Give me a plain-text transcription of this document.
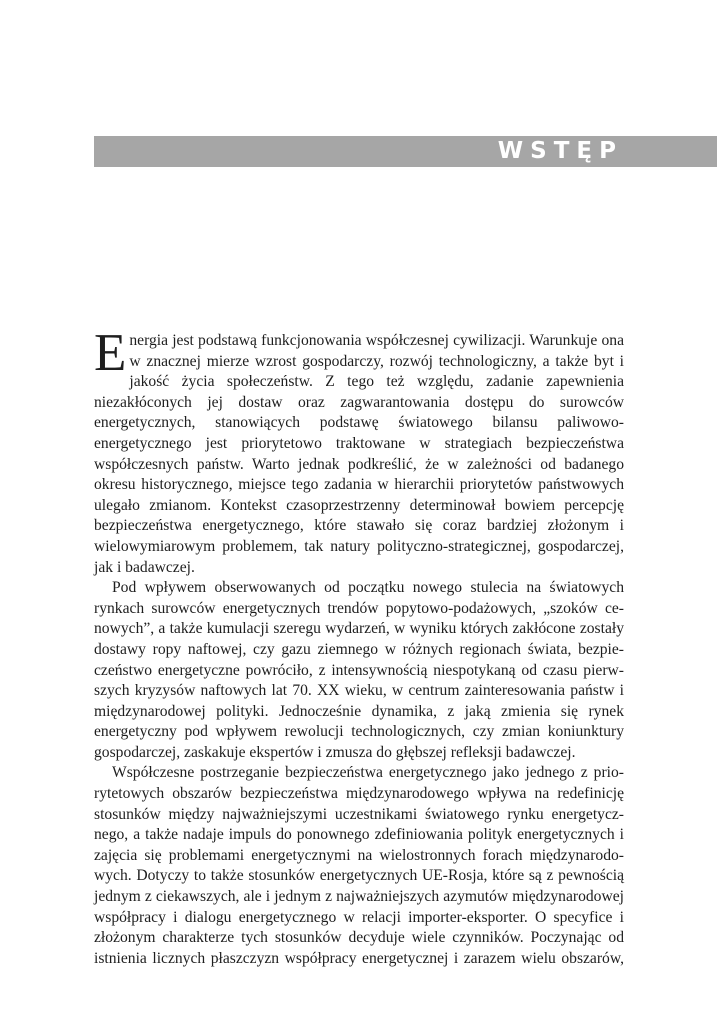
WSTĘP

Energia jest podstawą funkcjonowania współczesnej cywilizacji. Warunkuje ona w znacznej mierze wzrost gospodarczy, rozwój technologiczny, a także byt i jakość życia społeczeństw. Z tego też względu, zadanie zapewnienia niezakłóconych jej dostaw oraz zagwarantowania dostępu do surowców energetycznych, stanowiących podstawę światowego bilansu paliwowo-energetycznego jest priorytetowo traktowane w strategiach bezpieczeństwa współczesnych państw. Warto jednak podkreślić, że w zależności od badanego okresu historycznego, miejsce tego zadania w hierarchii priorytetów państwowych ulegało zmianom. Kontekst czasoprzestrzenny determinował bowiem percepcję bezpieczeństwa energetycznego, które stawało się coraz bardziej złożonym i wielowymiarowym problemem, tak natury polityczno-strategicznej, gospodarczej, jak i badawczej.

Pod wpływem obserwowanych od początku nowego stulecia na światowych rynkach surowców energetycznych trendów popytowo-podażowych, „szoków cenowych”, a także kumulacji szeregu wydarzeń, w wyniku których zakłócone zostały dostawy ropy naftowej, czy gazu ziemnego w różnych regionach świata, bezpieczeństwo energetyczne powróciło, z intensywnością niespotykaną od czasu pierwszych kryzysów naftowych lat 70. XX wieku, w centrum zainteresowania państw i międzynarodowej polityki. Jednocześnie dynamika, z jaką zmienia się rynek energetyczny pod wpływem rewolucji technologicznych, czy zmian koniunktury gospodarczej, zaskakuje ekspertów i zmusza do głębszej refleksji badawczej.

Współczesne postrzeganie bezpieczeństwa energetycznego jako jednego z priorytetowych obszarów bezpieczeństwa międzynarodowego wpływa na redefinicję stosunków między najważniejszymi uczestnikami światowego rynku energetycznego, a także nadaje impuls do ponownego zdefiniowania polityk energetycznych i zajęcia się problemami energetycznymi na wielostronnych forach międzynarodowych. Dotyczy to także stosunków energetycznych UE-Rosja, które są z pewnością jednym z ciekawszych, ale i jednym z najważniejszych azymutów międzynarodowej współpracy i dialogu energetycznego w relacji importer-eksporter. O specyfice i złożonym charakterze tych stosunków decyduje wiele czynników. Poczynając od istnienia licznych płaszczyzn współpracy energetycznej i zarazem wielu obszarów,
